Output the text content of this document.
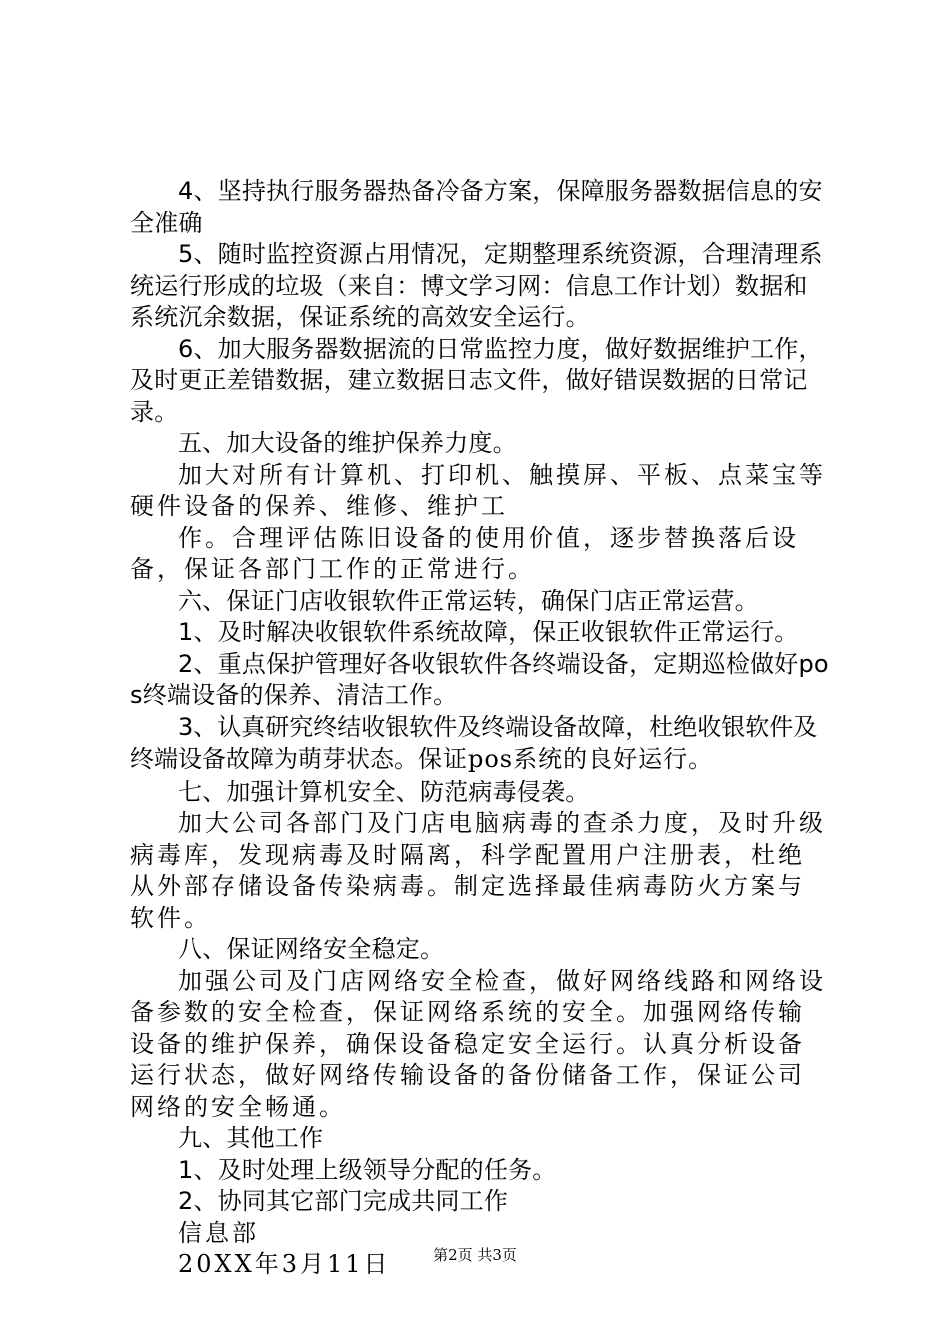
4、坚持执行服务器热备冷备方案，保障服务器数据信息的安全准确

5、随时监控资源占用情况，定期整理系统资源，合理清理系统运行形成的垃圾（来自：博文学习网：信息工作计划）数据和系统沉余数据，保证系统的高效安全运行。

6、加大服务器数据流的日常监控力度，做好数据维护工作，及时更正差错数据，建立数据日志文件，做好错误数据的日常记录。

五、加大设备的维护保养力度。

加大对所有计算机、打印机、触摸屏、平板、点菜宝等硬件设备的保养、维修、维护工

作。合理评估陈旧设备的使用价值，逐步替换落后设备，保证各部门工作的正常进行。

六、保证门店收银软件正常运转，确保门店正常运营。

1、及时解决收银软件系统故障，保正收银软件正常运行。

2、重点保护管理好各收银软件各终端设备，定期巡检做好pos终端设备的保养、清洁工作。

3、认真研究终结收银软件及终端设备故障，杜绝收银软件及终端设备故障为萌芽状态。保证pos系统的良好运行。

七、加强计算机安全、防范病毒侵袭。

加大公司各部门及门店电脑病毒的查杀力度，及时升级病毒库，发现病毒及时隔离，科学配置用户注册表，杜绝从外部存储设备传染病毒。制定选择最佳病毒防火方案与软件。

八、保证网络安全稳定。

加强公司及门店网络安全检查，做好网络线路和网络设备参数的安全检查，保证网络系统的安全。加强网络传输设备的维护保养，确保设备稳定安全运行。认真分析设备运行状态，做好网络传输设备的备份储备工作，保证公司网络的安全畅通。

九、其他工作

1、及时处理上级领导分配的任务。

2、协同其它部门完成共同工作

信息部

20XX年3月11日	第2页 共3页
